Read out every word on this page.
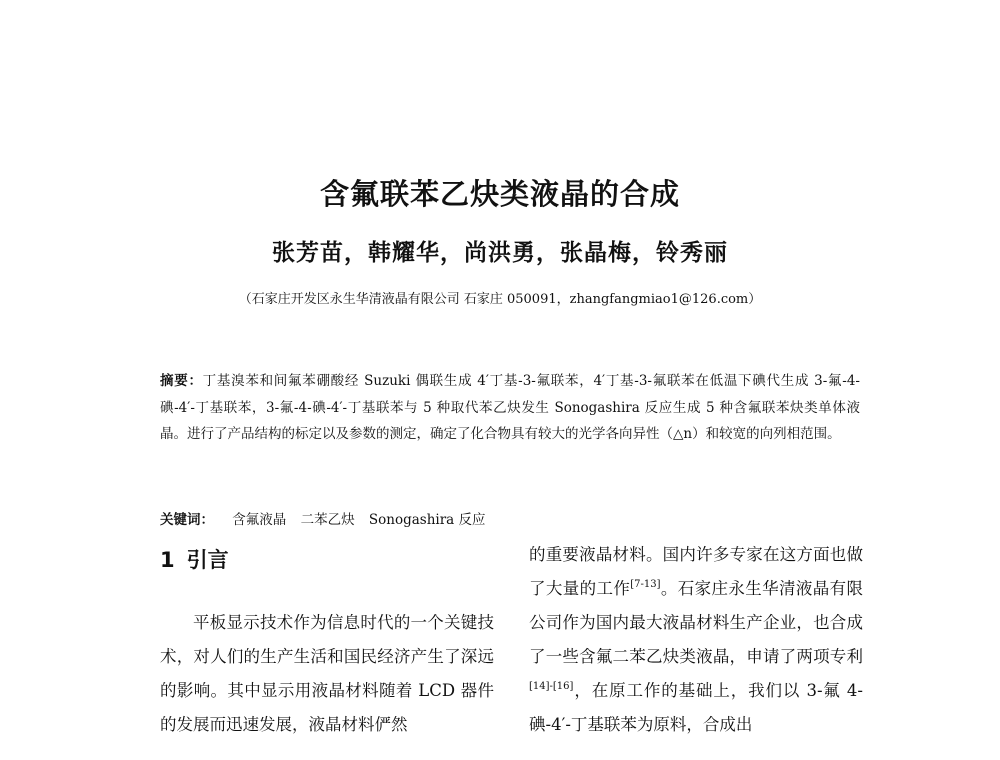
含氟联苯乙炔类液晶的合成
张芳苗，韩耀华，尚洪勇，张晶梅，铃秀丽
（石家庄开发区永生华清液晶有限公司 石家庄 050091，zhangfangmiao1@126.com）
摘要：丁基溴苯和间氟苯硼酸经 Suzuki 偶联生成 4′丁基-3-氟联苯，4′丁基-3-氟联苯在低温下碘代生成 3-氟-4-碘-4′-丁基联苯，3-氟-4-碘-4′-丁基联苯与 5 种取代苯乙炔发生 Sonogashira 反应生成 5 种含氟联苯炔类单体液晶。进行了产品结构的标定以及参数的测定，确定了化合物具有较大的光学各向异性（△n）和较宽的向列相范围。
关键词： 含氟液晶 二苯乙炔 Sonogashira 反应
1 引言

平板显示技术作为信息时代的一个关键技术，对人们的生产生活和国民经济产生了深远的影响。其中显示用液晶材料随着 LCD 器件的发展而迅速发展，液晶材料俨然

的重要液晶材料。国内许多专家在这方面也做了大量的工作[7-13]。石家庄永生华清液晶有限公司作为国内最大液晶材料生产企业，也合成了一些含氟二苯乙炔类液晶，申请了两项专利[14]-[16]，在原工作的基础上，我们以 3-氟 4-碘-4′-丁基联苯为原料，合成出
